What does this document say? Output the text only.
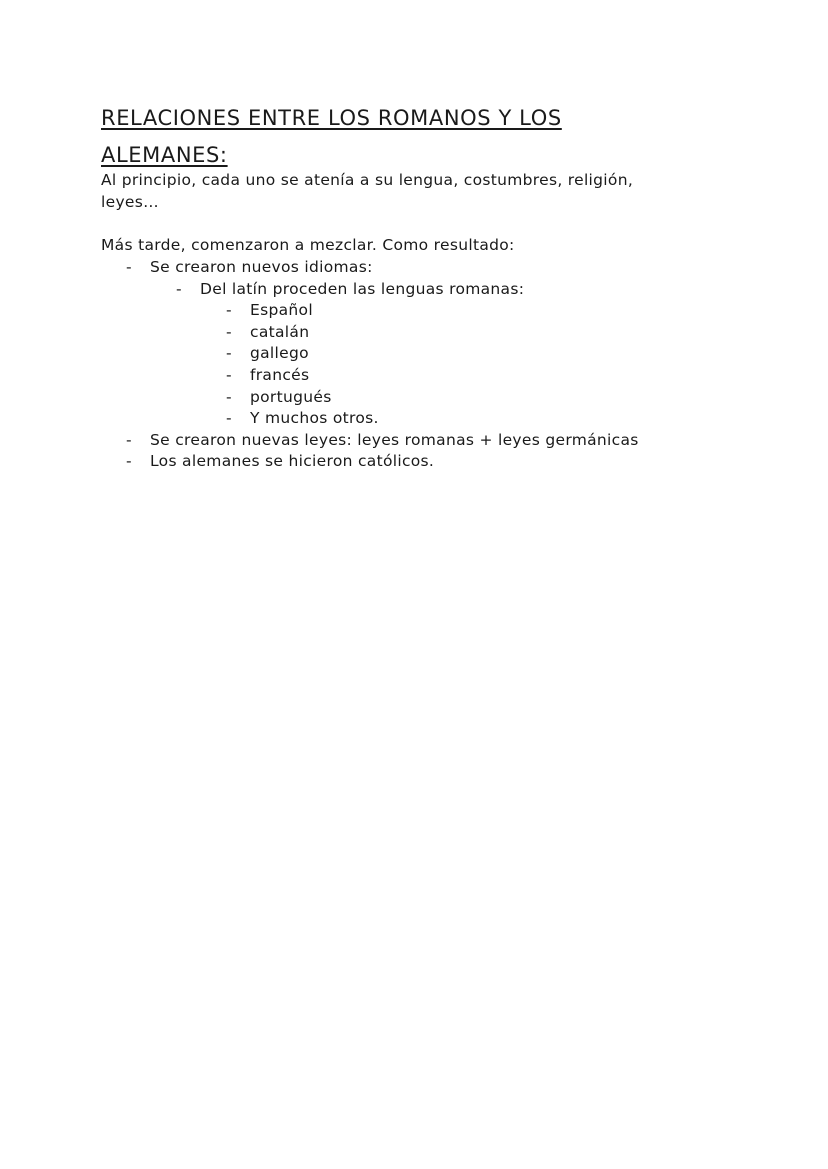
RELACIONES ENTRE LOS ROMANOS Y LOS
ALEMANES:

Al principio, cada uno se atenía a su lengua, costumbres, religión,
leyes…

Más tarde, comenzaron a mezclar. Como resultado:

- Se crearon nuevos idiomas:
- Del latín proceden las lenguas romanas:
- Español
- catalán
- gallego
- francés
- portugués
- Y muchos otros.
- Se crearon nuevas leyes: leyes romanas + leyes germánicas
- Los alemanes se hicieron católicos.
